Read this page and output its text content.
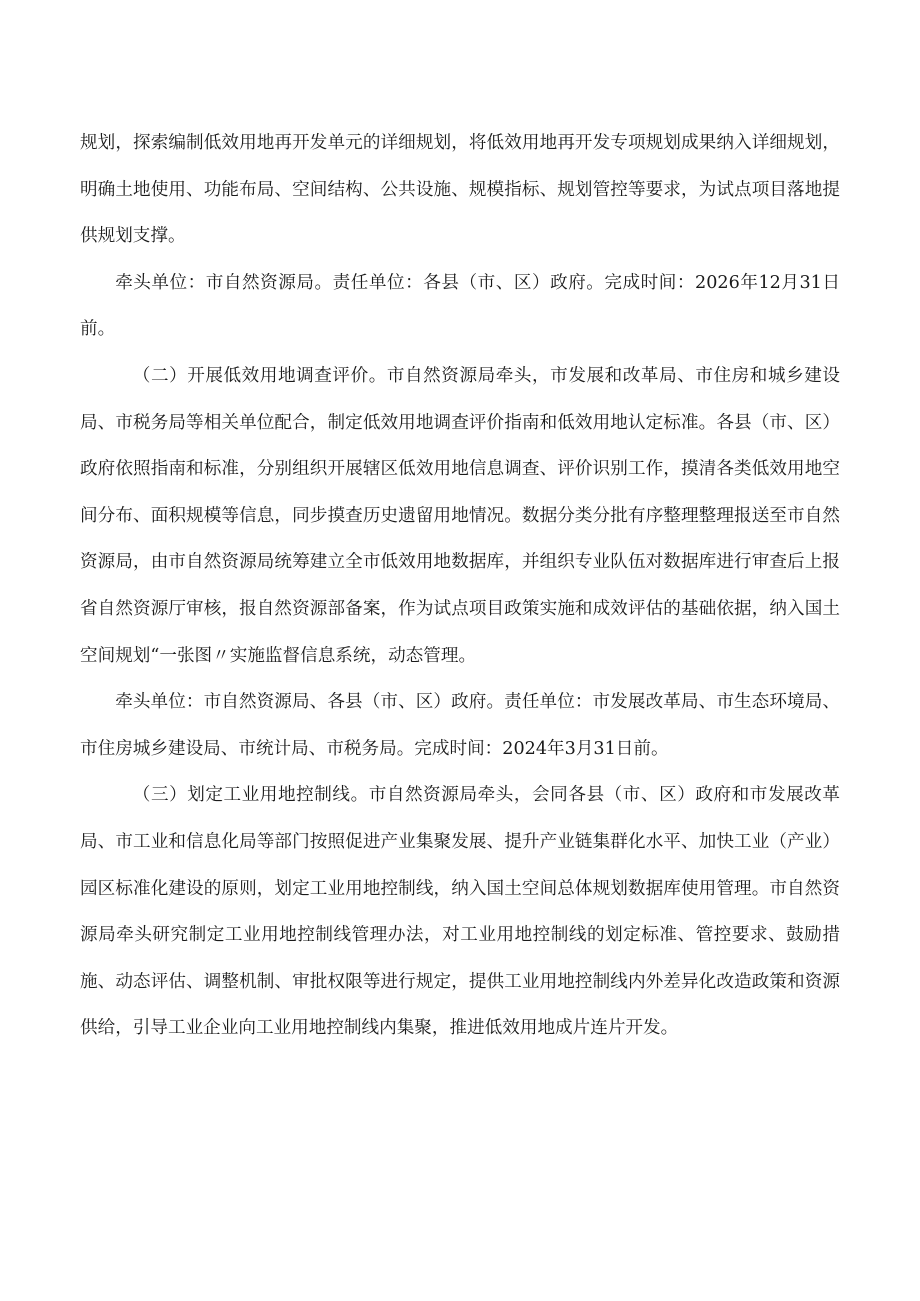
规划，探索编制低效用地再开发单元的详细规划，将低效用地再开发专项规划成果纳入详细规划，明确土地使用、功能布局、空间结构、公共设施、规模指标、规划管控等要求，为试点项目落地提供规划支撑。

牵头单位：市自然资源局。责任单位：各县（市、区）政府。完成时间：2026年12月31日前。

（二）开展低效用地调查评价。市自然资源局牵头，市发展和改革局、市住房和城乡建设局、市税务局等相关单位配合，制定低效用地调查评价指南和低效用地认定标准。各县（市、区）政府依照指南和标准，分别组织开展辖区低效用地信息调查、评价识别工作，摸清各类低效用地空间分布、面积规模等信息，同步摸查历史遗留用地情况。数据分类分批有序整理整理报送至市自然资源局，由市自然资源局统筹建立全市低效用地数据库，并组织专业队伍对数据库进行审查后上报省自然资源厅审核，报自然资源部备案，作为试点项目政策实施和成效评估的基础依据，纳入国土空间规划“一张图〃实施监督信息系统，动态管理。

牵头单位：市自然资源局、各县（市、区）政府。责任单位：市发展改革局、市生态环境局、市住房城乡建设局、市统计局、市税务局。完成时间：2024年3月31日前。

（三）划定工业用地控制线。市自然资源局牵头，会同各县（市、区）政府和市发展改革局、市工业和信息化局等部门按照促进产业集聚发展、提升产业链集群化水平、加快工业（产业）园区标准化建设的原则，划定工业用地控制线，纳入国土空间总体规划数据库使用管理。市自然资源局牵头研究制定工业用地控制线管理办法，对工业用地控制线的划定标准、管控要求、鼓励措施、动态评估、调整机制、审批权限等进行规定，提供工业用地控制线内外差异化改造政策和资源供给，引导工业企业向工业用地控制线内集聚，推进低效用地成片连片开发。
